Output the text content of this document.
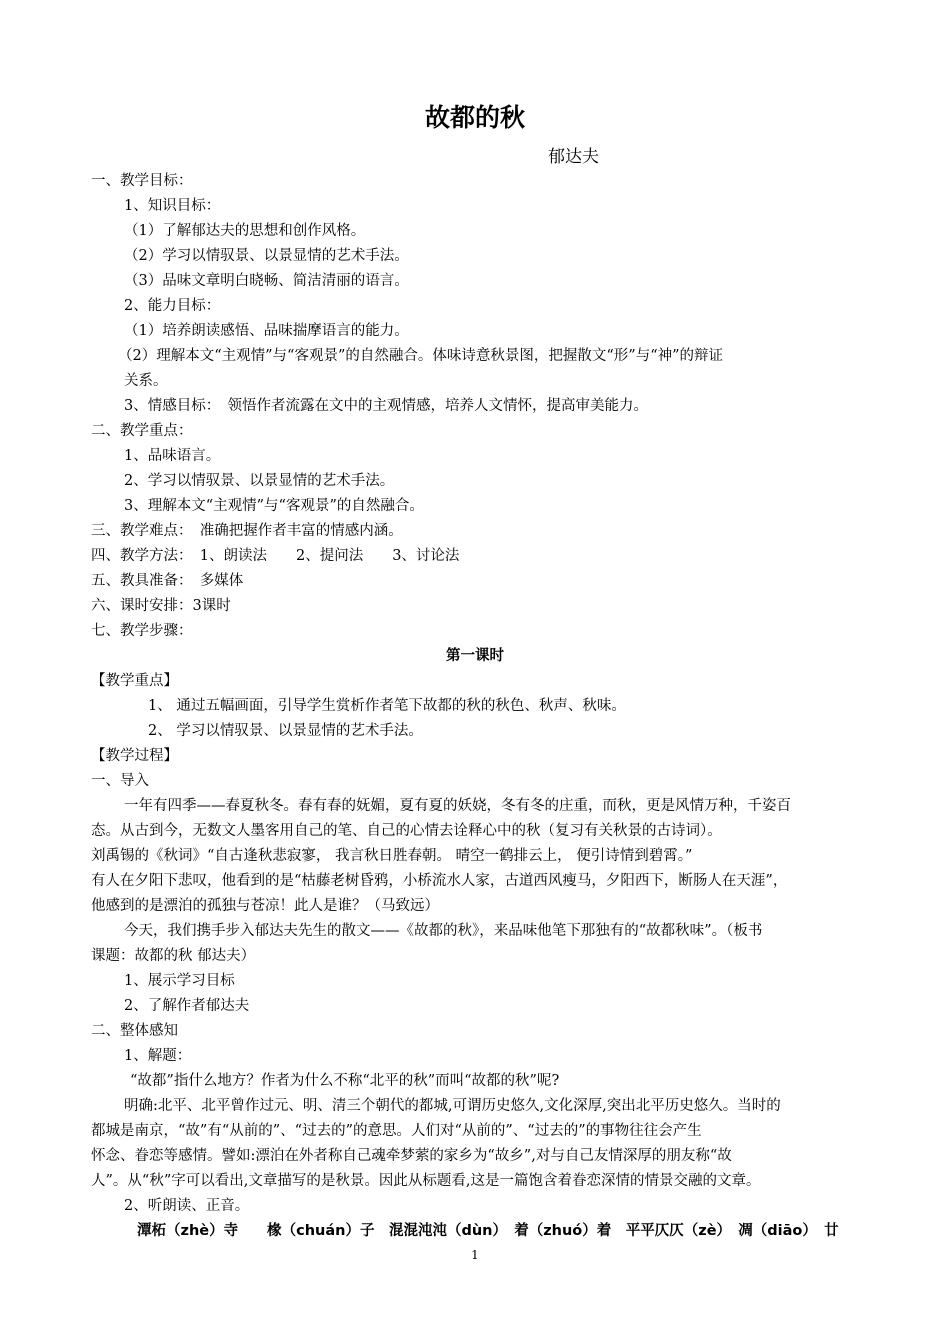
故都的秋
郁达夫

一、教学目标：

1、知识目标：

（1）了解郁达夫的思想和创作风格。

（2）学习以情驭景、以景显情的艺术手法。

（3）品味文章明白晓畅、简洁清丽的语言。

2、能力目标：

（1）培养朗读感悟、品味揣摩语言的能力。

（2）理解本文“主观情”与“客观景”的自然融合。体味诗意秋景图，把握散文“形”与“神”的辩证

关系。

3、情感目标：　领悟作者流露在文中的主观情感，培养人文情怀，提高审美能力。

二、教学重点：

1、品味语言。

2、学习以情驭景、以景显情的艺术手法。

3、理解本文“主观情”与“客观景”的自然融合。

三、教学难点：　准确把握作者丰富的情感内涵。

四、教学方法：　1、朗读法　　2、提问法　　3、讨论法

五、教具准备：　多媒体

六、课时安排：3课时

七、教学步骤：

第一课时

【教学重点】

1、 通过五幅画面，引导学生赏析作者笔下故都的秋的秋色、秋声、秋味。

2、 学习以情驭景、以景显情的艺术手法。

【教学过程】

一、导入

一年有四季——春夏秋冬。春有春的妩媚，夏有夏的妖娆，冬有冬的庄重，而秋，更是风情万种，千姿百

态。从古到今，无数文人墨客用自己的笔、自己的心情去诠释心中的秋（复习有关秋景的古诗词）。

刘禹锡的《秋词》“自古逢秋悲寂寥， 我言秋日胜春朝。 晴空一鹤排云上， 便引诗情到碧霄。”

有人在夕阳下悲叹，他看到的是“枯藤老树昏鸦，小桥流水人家，古道西风瘦马，夕阳西下，断肠人在天涯”，

他感到的是漂泊的孤独与苍凉！此人是谁？（马致远）

今天，我们携手步入郁达夫先生的散文——《故都的秋》，来品味他笔下那独有的“故都秋味”。（板书

课题：故都的秋 郁达夫）

1、展示学习目标

2、了解作者郁达夫

二、整体感知

1、解题：

“故都”指什么地方？作者为什么不称“北平的秋”而叫“故都的秋”呢?

明确:北平、北平曾作过元、明、清三个朝代的都城,可谓历史悠久,文化深厚,突出北平历史悠久。当时的

都城是南京，“故”有“从前的”、“过去的”的意思。人们对“从前的”、“过去的”的事物往往会产生

怀念、眷恋等感情。譬如:漂泊在外者称自己魂牵梦萦的家乡为“故乡”,对与自己友情深厚的朋友称“故

人”。从“秋”字可以看出,文章描写的是秋景。因此从标题看,这是一篇饱含着眷恋深情的情景交融的文章。

2、听朗读、正音。

潭柘（zhè）寺　　椽（chuán）子　混混沌沌（dùn）　着（zhuó）着　平平仄仄（zè）　凋（diāo）　廿

1
